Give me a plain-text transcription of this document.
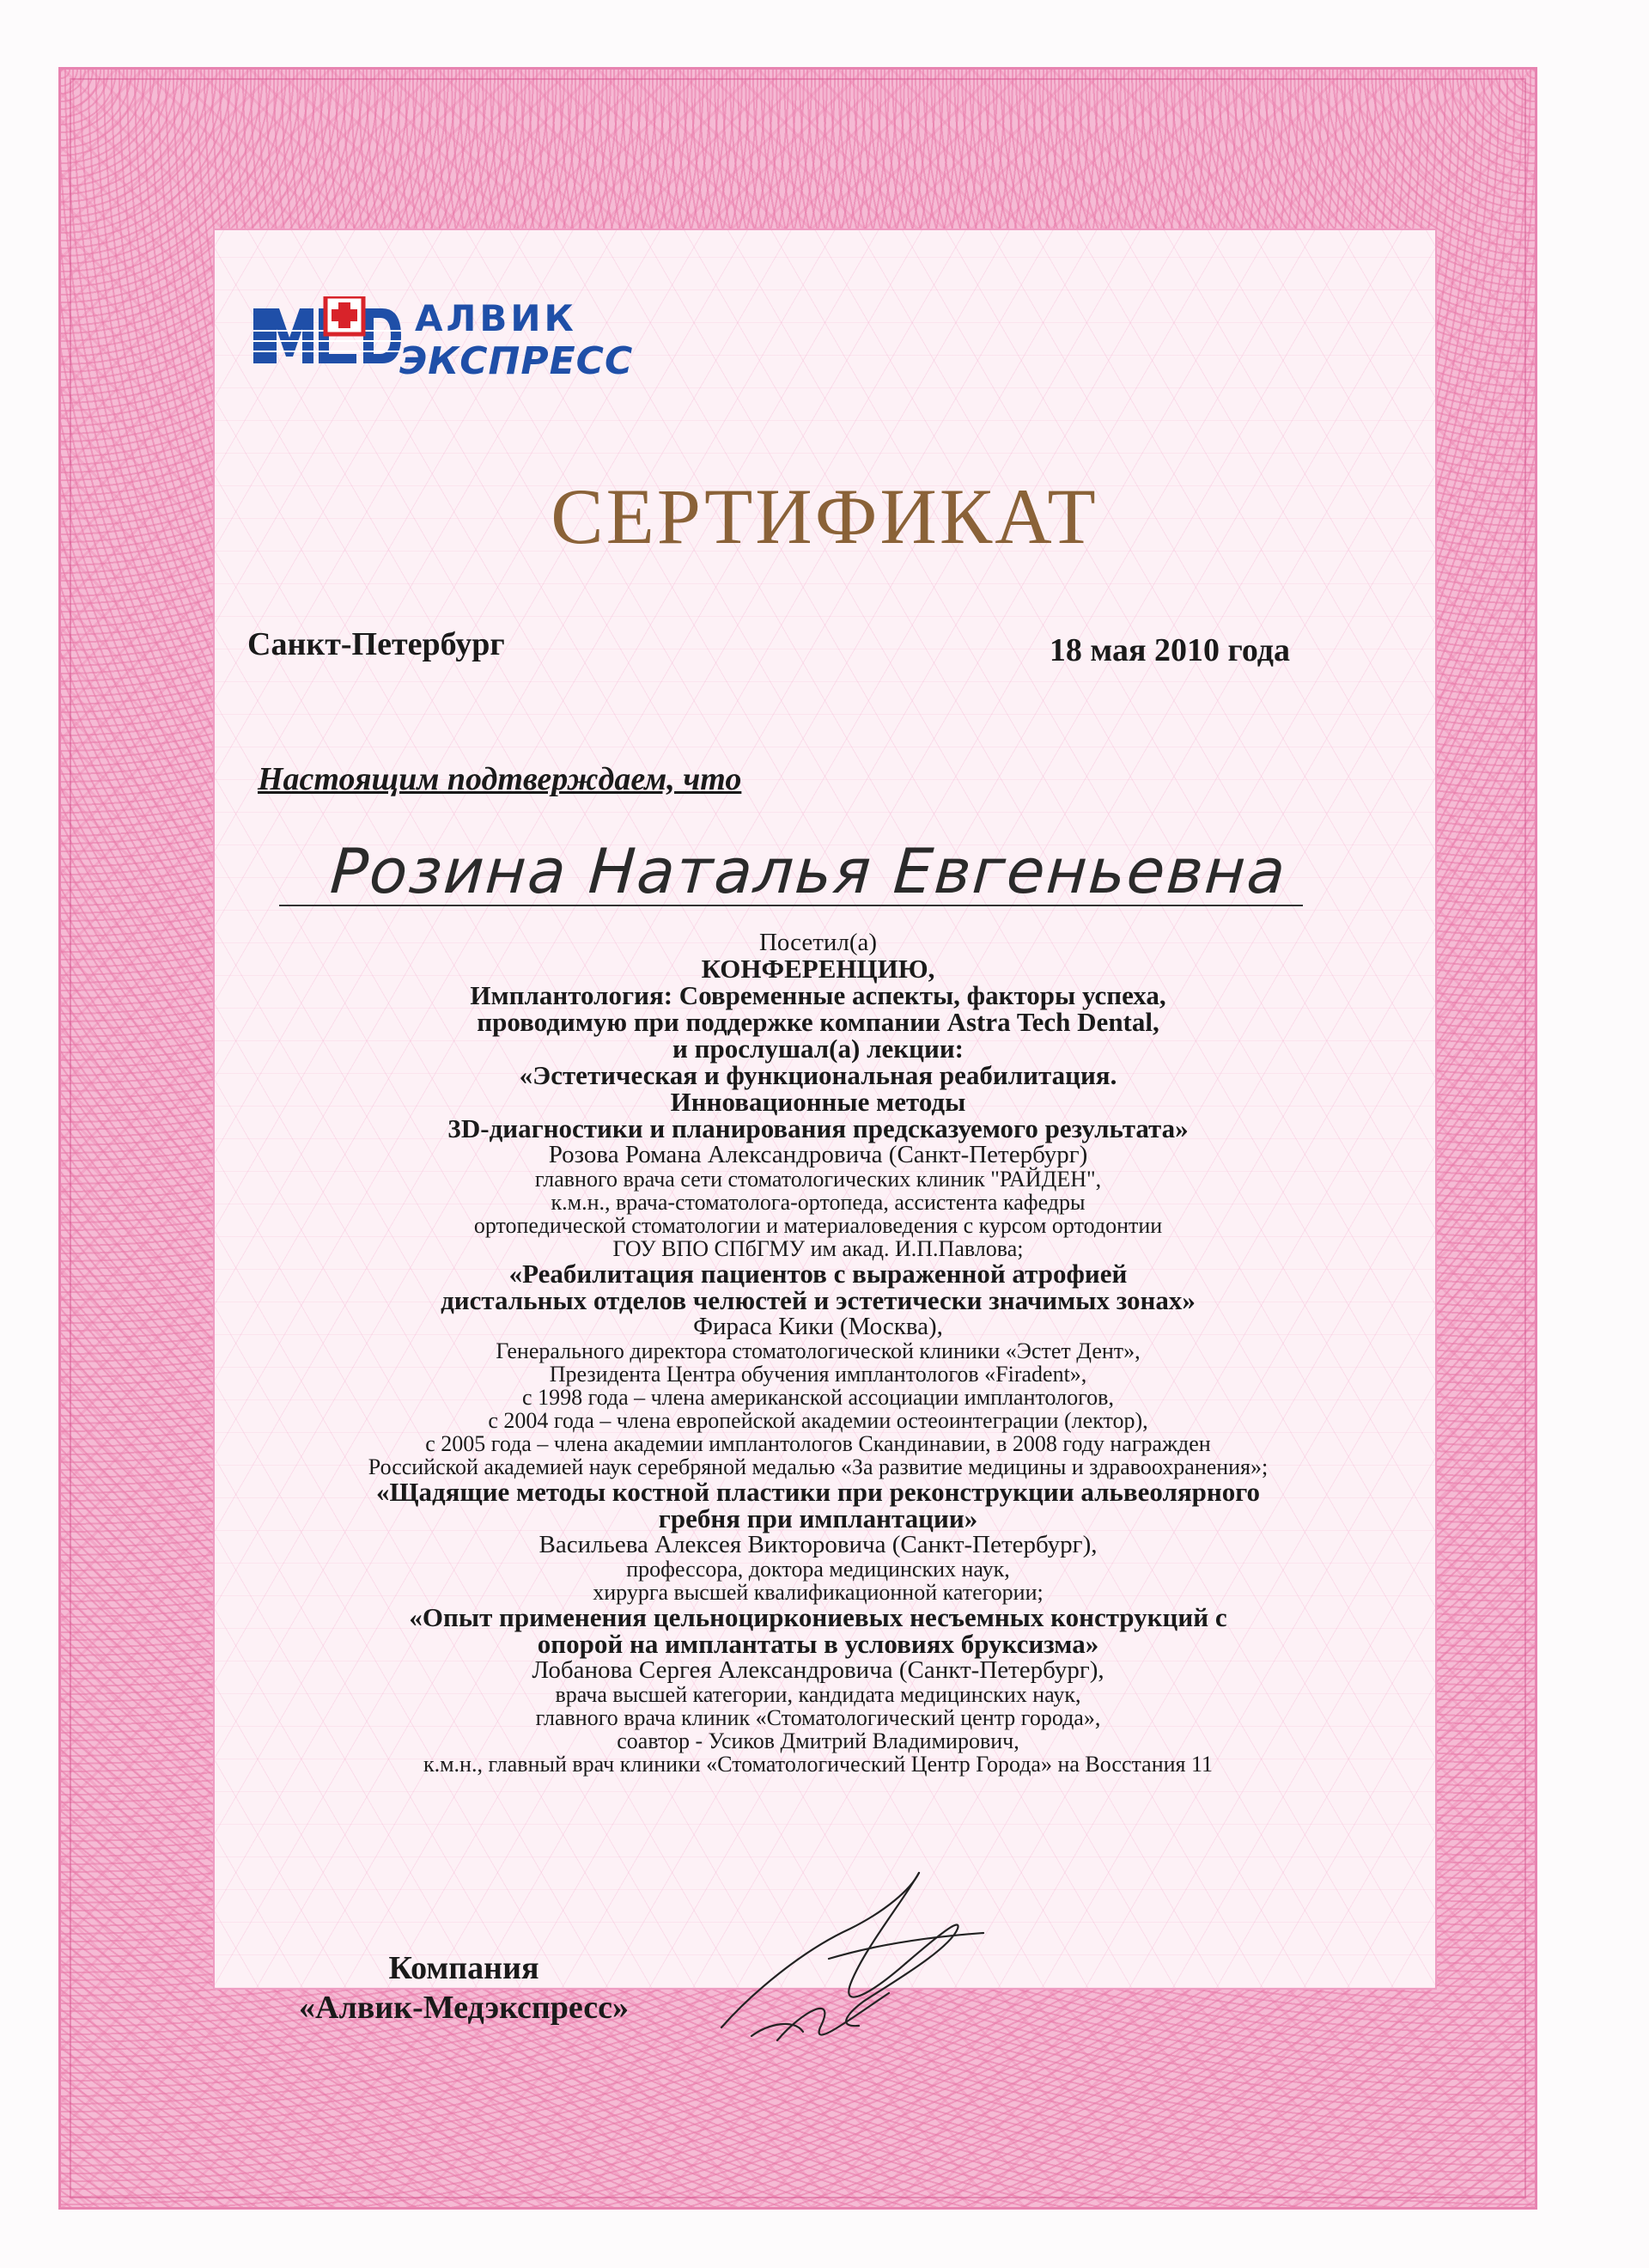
АЛВИК
ЭКСПРЕСС
СЕРТИФИКАТ
Санкт-Петербург	18 мая 2010 года
Настоящим подтверждаем, что
Розина Наталья Евгеньевна
Посетил(а)
КОНФЕРЕНЦИЮ,
Имплантология: Современные аспекты, факторы успеха,
проводимую при поддержке компании Astra Tech Dental,
и прослушал(а) лекции:
«Эстетическая и функциональная реабилитация.
Инновационные методы
3D-диагностики и планирования предсказуемого результата»
Розова Романа Александровича (Санкт-Петербург)
главного врача сети стоматологических клиник "РАЙДЕН",
к.м.н., врача-стоматолога-ортопеда, ассистента кафедры
ортопедической стоматологии и материаловедения с курсом ортодонтии
ГОУ ВПО СПбГМУ им акад. И.П.Павлова;
«Реабилитация пациентов с выраженной атрофией
дистальных отделов челюстей и эстетически значимых зонах»
Фираса Кики (Москва),
Генерального директора стоматологической клиники «Эстет Дент»,
Президента Центра обучения имплантологов «Firadent»,
с 1998 года – члена американской ассоциации имплантологов,
с 2004 года – члена европейской академии остеоинтеграции (лектор),
с 2005 года – члена академии имплантологов Скандинавии, в 2008 году награжден
Российской академией наук серебряной медалью «За развитие медицины и здравоохранения»;
«Щадящие методы костной пластики при реконструкции альвеолярного
гребня при имплантации»
Васильева Алексея Викторовича (Санкт-Петербург),
профессора, доктора медицинских наук,
хирурга высшей квалификационной категории;
«Опыт применения цельноциркониевых несъемных конструкций с
опорой на имплантаты в условиях бруксизма»
Лобанова Сергея Александровича (Санкт-Петербург),
врача высшей категории, кандидата медицинских наук,
главного врача клиник «Стоматологический центр города»,
соавтор - Усиков Дмитрий Владимирович,
к.м.н., главный врач клиники «Стоматологический Центр Города» на Восстания 11
Компания
«Алвик-Медэкспресс»
